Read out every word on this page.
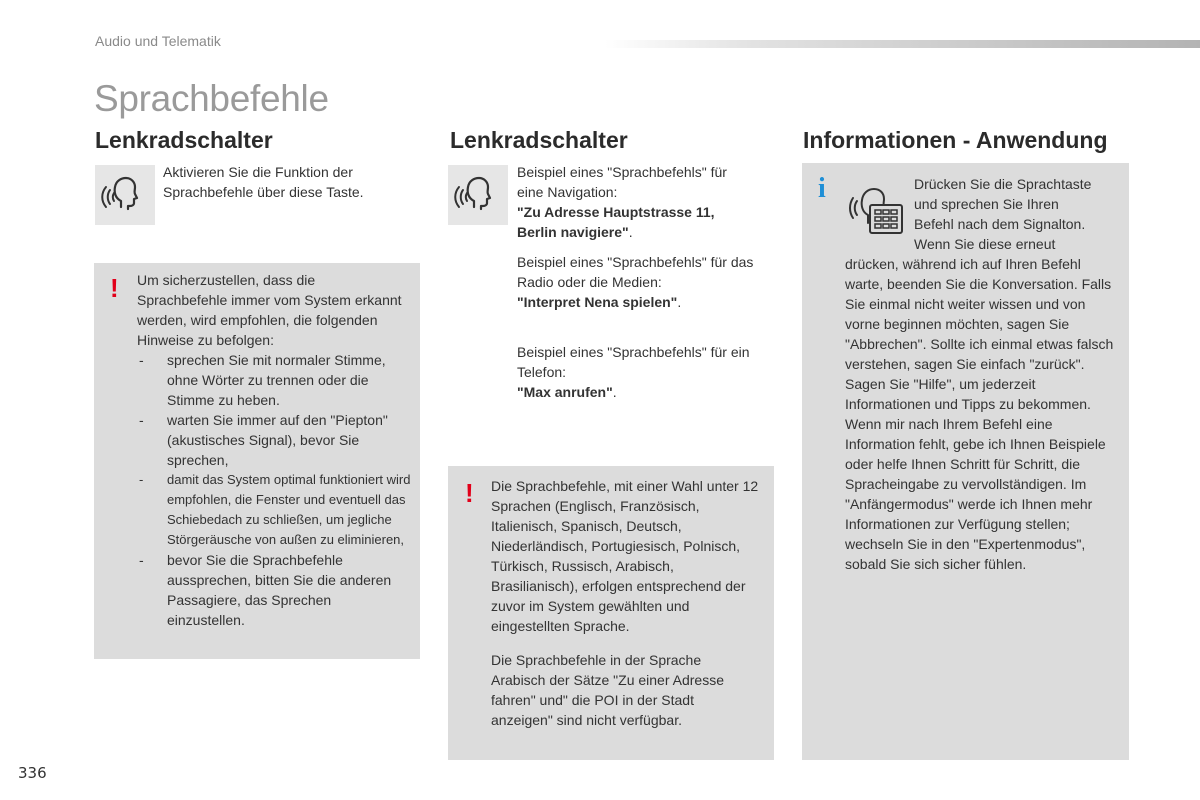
Audio und Telematik
Sprachbefehle
Lenkradschalter
Aktivieren Sie die Funktion der Sprachbefehle über diese Taste.
! Um sicherzustellen, dass die Sprachbefehle immer vom System erkannt werden, wird empfohlen, die folgenden Hinweise zu befolgen:
- sprechen Sie mit normaler Stimme, ohne Wörter zu trennen oder die Stimme zu heben.
- warten Sie immer auf den "Piepton" (akustisches Signal), bevor Sie sprechen,
- damit das System optimal funktioniert wird empfohlen, die Fenster und eventuell das Schiebedach zu schließen, um jegliche Störgeräusche von außen zu eliminieren,
- bevor Sie die Sprachbefehle aussprechen, bitten Sie die anderen Passagiere, das Sprechen einzustellen.
Lenkradschalter
Beispiel eines "Sprachbefehls" für eine Navigation:
"Zu Adresse Hauptstrasse 11, Berlin navigiere".
Beispiel eines "Sprachbefehls" für das Radio oder die Medien:
"Interpret Nena spielen".
Beispiel eines "Sprachbefehls" für ein Telefon:
"Max anrufen".
! Die Sprachbefehle, mit einer Wahl unter 12 Sprachen (Englisch, Französisch, Italienisch, Spanisch, Deutsch, Niederländisch, Portugiesisch, Polnisch, Türkisch, Russisch, Arabisch, Brasilianisch), erfolgen entsprechend der zuvor im System gewählten und eingestellten Sprache.
Die Sprachbefehle in der Sprache Arabisch der Sätze "Zu einer Adresse fahren" und" die POI in der Stadt anzeigen" sind nicht verfügbar.
Informationen - Anwendung
i	Drücken Sie die Sprachtaste
und sprechen Sie Ihren
Befehl nach dem Signalton.
Wenn Sie diese erneut
drücken, während ich auf Ihren Befehl warte, beenden Sie die Konversation. Falls Sie einmal nicht weiter wissen und von vorne beginnen möchten, sagen Sie "Abbrechen". Sollte ich einmal etwas falsch verstehen, sagen Sie einfach "zurück". Sagen Sie "Hilfe", um jederzeit Informationen und Tipps zu bekommen. Wenn mir nach Ihrem Befehl eine Information fehlt, gebe ich Ihnen Beispiele oder helfe Ihnen Schritt für Schritt, die Spracheingabe zu vervollständigen. Im "Anfängermodus" werde ich Ihnen mehr Informationen zur Verfügung stellen; wechseln Sie in den "Expertenmodus", sobald Sie sich sicher fühlen.
336
